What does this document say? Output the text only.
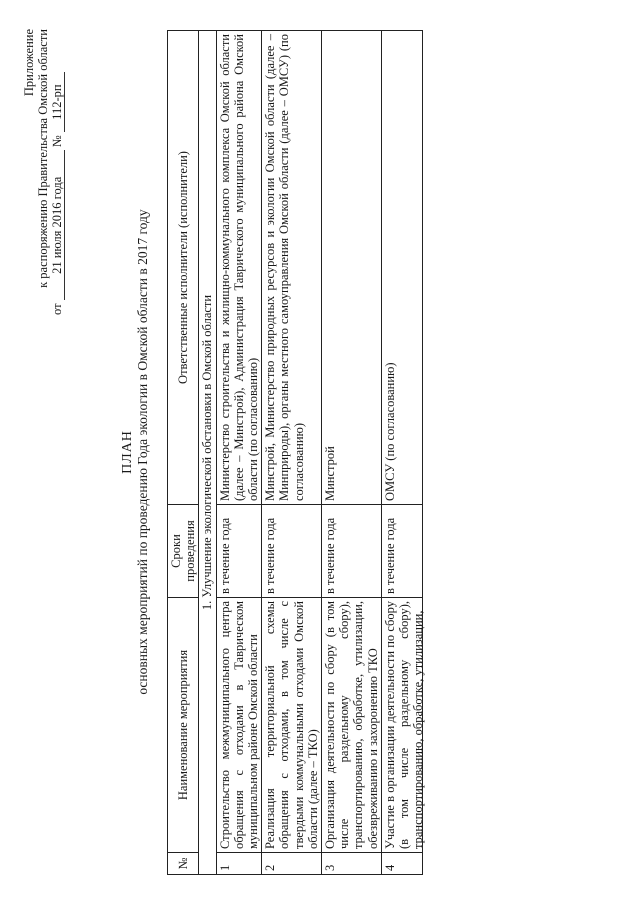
Приложение к распоряжению Правительства Омской области
от 21 июля 2016 года № 112-рп
ПЛАН основных мероприятий по проведению Года экологии в Омской области в 2017 году
№	Наименование мероприятия	Сроки проведения	Ответственные исполнители (исполнители)
1. Улучшение экологической обстановки в Омской области			
1	Строительство межмуниципального центра обращения с отходами в Таврическом муниципальном районе Омской области	в течение года	Министерство строительства и жилищно-коммунального комплекса Омской области (далее – Минстрой), Администрация Таврического муниципального района Омской области (по согласованию)
2	Реализация территориальной схемы обращения с отходами, в том числе с твердыми коммунальными отходами Омской области (далее – ТКО)	в течение года	Минстрой, Министерство природных ресурсов и экологии Омской области (далее – Минприроды), органы местного самоуправления Омской области (далее – ОМСУ) (по согласованию)
3	Организация деятельности по сбору (в том числе раздельному сбору), транспортированию, обработке, утилизации, обезвреживанию и захоронению ТКО	в течение года	Минстрой
4	Участие в организации деятельности по сбору (в том числе раздельному сбору), транспортированию, обработке, утилизации,	в течение года	ОМСУ (по согласованию)
